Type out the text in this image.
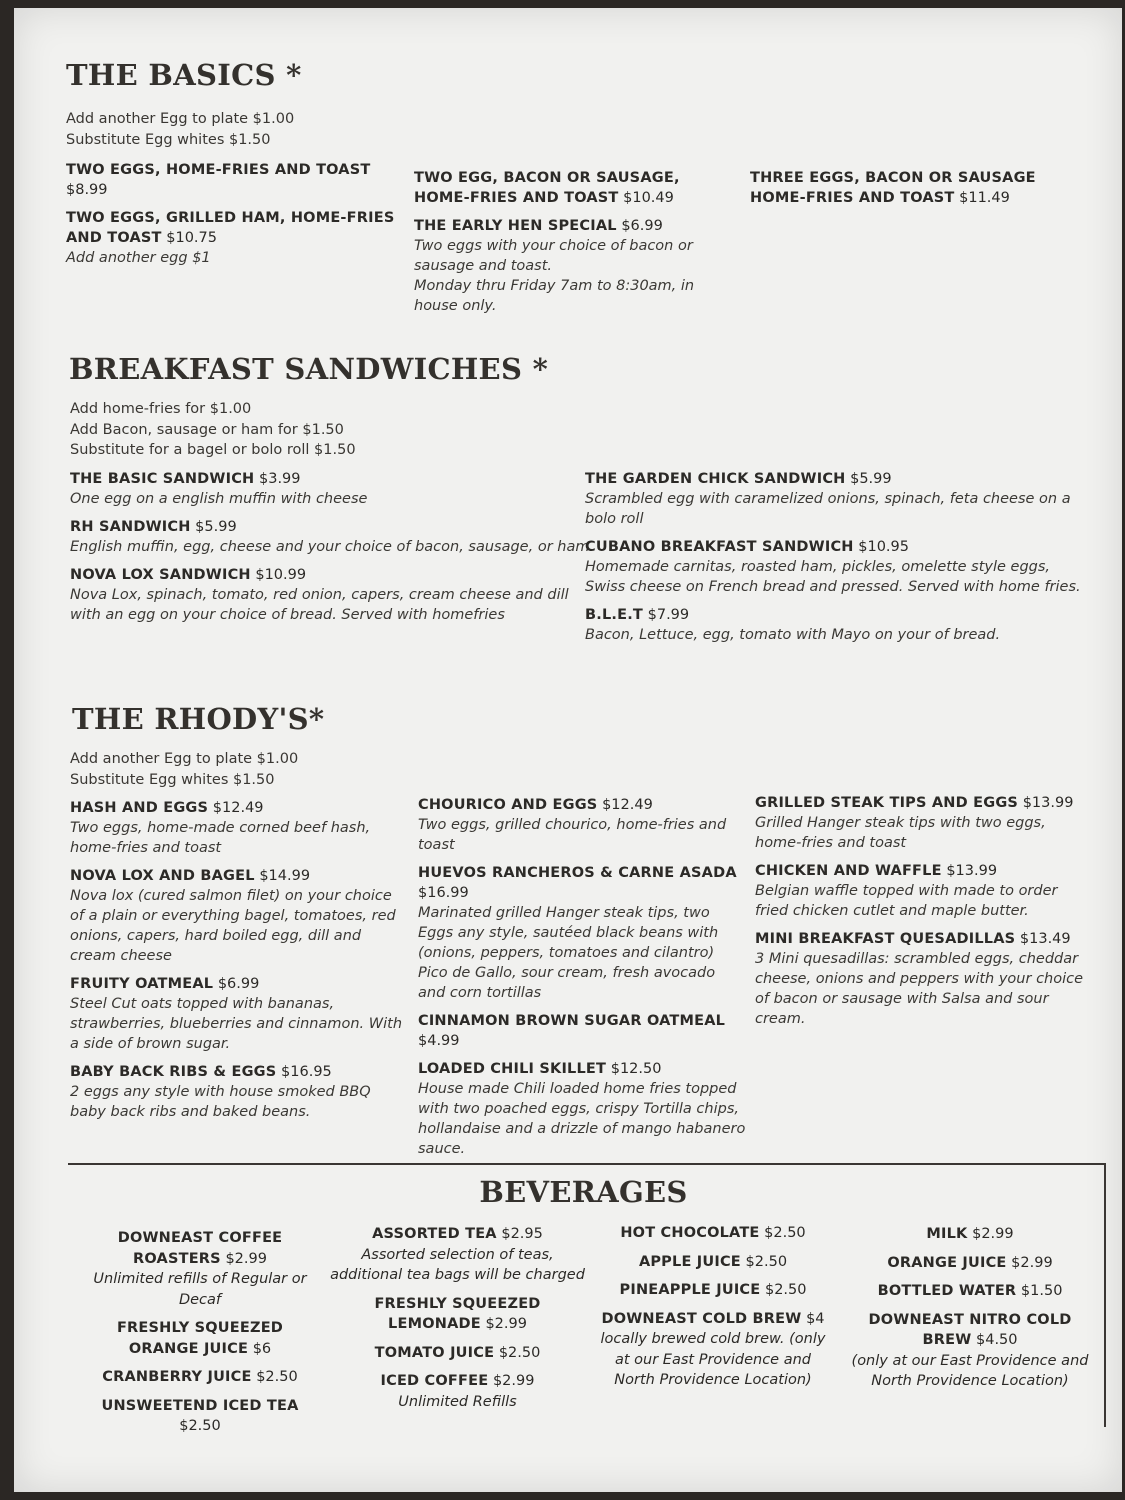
THE BASICS *
Add another Egg to plate $1.00
Substitute Egg whites $1.50
TWO EGGS, HOME-FRIES AND TOAST $8.99
TWO EGGS, GRILLED HAM, HOME-FRIES AND TOAST $10.75
Add another egg $1
TWO EGG, BACON OR SAUSAGE, HOME-FRIES AND TOAST $10.49
THE EARLY HEN SPECIAL $6.99
Two eggs with your choice of bacon or sausage and toast.
Monday thru Friday 7am to 8:30am, in house only.
THREE EGGS, BACON OR SAUSAGE HOME-FRIES AND TOAST $11.49
BREAKFAST SANDWICHES *
Add home-fries for $1.00
Add Bacon, sausage or ham for $1.50
Substitute for a bagel or bolo roll $1.50
THE BASIC SANDWICH $3.99
One egg on a english muffin with cheese
RH SANDWICH $5.99
English muffin, egg, cheese and your choice of bacon, sausage, or ham
NOVA LOX SANDWICH $10.99
Nova Lox, spinach, tomato, red onion, capers, cream cheese and dill with an egg on your choice of bread. Served with homefries
THE GARDEN CHICK SANDWICH $5.99
Scrambled egg with caramelized onions, spinach, feta cheese on a bolo roll
CUBANO BREAKFAST SANDWICH $10.95
Homemade carnitas, roasted ham, pickles, omelette style eggs, Swiss cheese on French bread and pressed. Served with home fries.
B.L.E.T $7.99
Bacon, Lettuce, egg, tomato with Mayo on your of bread.
THE RHODY'S*
Add another Egg to plate $1.00
Substitute Egg whites $1.50
HASH AND EGGS $12.49
Two eggs, home-made corned beef hash, home-fries and toast
NOVA LOX AND BAGEL $14.99
Nova lox (cured salmon filet) on your choice of a plain or everything bagel, tomatoes, red onions, capers, hard boiled egg, dill and cream cheese
FRUITY OATMEAL $6.99
Steel Cut oats topped with bananas, strawberries, blueberries and cinnamon. With a side of brown sugar.
BABY BACK RIBS & EGGS $16.95
2 eggs any style with house smoked BBQ baby back ribs and baked beans.
CHOURICO AND EGGS $12.49
Two eggs, grilled chourico, home-fries and toast
HUEVOS RANCHEROS & CARNE ASADA $16.99
Marinated grilled Hanger steak tips, two Eggs any style, sautéed black beans with (onions, peppers, tomatoes and cilantro) Pico de Gallo, sour cream, fresh avocado and corn tortillas
CINNAMON BROWN SUGAR OATMEAL $4.99
LOADED CHILI SKILLET $12.50
House made Chili loaded home fries topped with two poached eggs, crispy Tortilla chips, hollandaise and a drizzle of mango habanero sauce.
GRILLED STEAK TIPS AND EGGS $13.99
Grilled Hanger steak tips with two eggs, home-fries and toast
CHICKEN AND WAFFLE $13.99
Belgian waffle topped with made to order fried chicken cutlet and maple butter.
MINI BREAKFAST QUESADILLAS $13.49
3 Mini quesadillas: scrambled eggs, cheddar cheese, onions and peppers with your choice of bacon or sausage with Salsa and sour cream.
BEVERAGES
DOWNEAST COFFEE ROASTERS $2.99
Unlimited refills of Regular or Decaf
FRESHLY SQUEEZED ORANGE JUICE $6
CRANBERRY JUICE $2.50
UNSWEETEND ICED TEA $2.50
ASSORTED TEA $2.95
Assorted selection of teas, additional tea bags will be charged
FRESHLY SQUEEZED LEMONADE $2.99
TOMATO JUICE $2.50
ICED COFFEE $2.99
Unlimited Refills
HOT CHOCOLATE $2.50
APPLE JUICE $2.50
PINEAPPLE JUICE $2.50
DOWNEAST COLD BREW $4
locally brewed cold brew. (only at our East Providence and North Providence Location)
MILK $2.99
ORANGE JUICE $2.99
BOTTLED WATER $1.50
DOWNEAST NITRO COLD BREW $4.50
(only at our East Providence and North Providence Location)
